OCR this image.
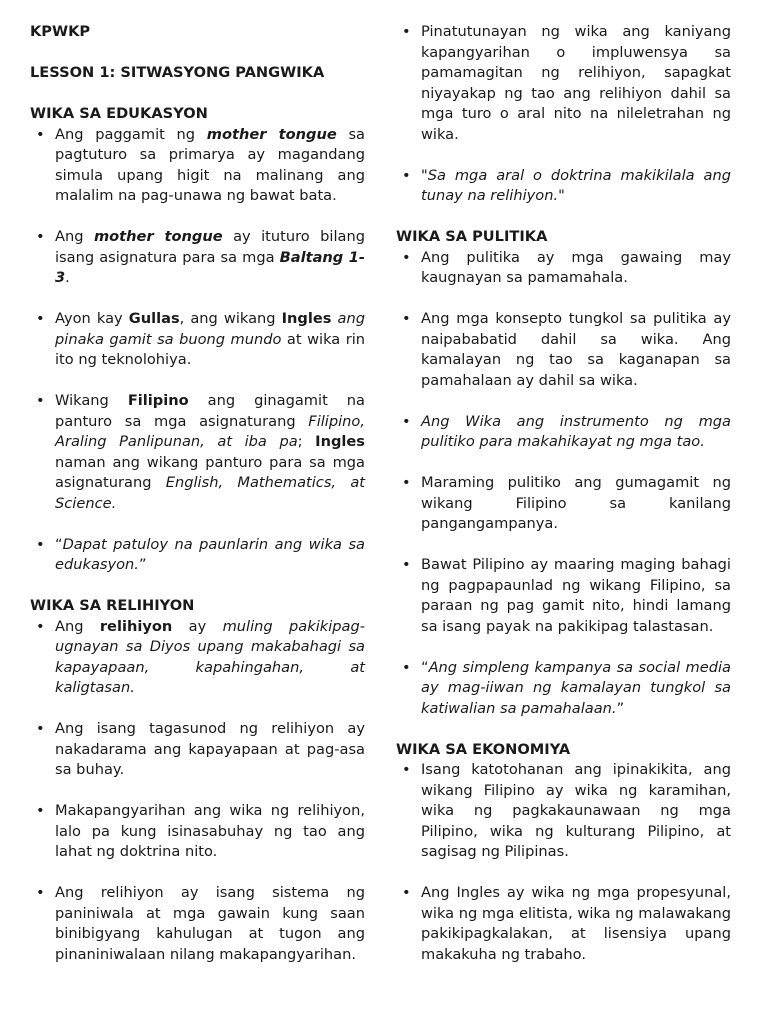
KPWKP

LESSON 1: SITWASYONG PANGWIKA

WIKA SA EDUKASYON

• Ang paggamit ng mother tongue sa pagtuturo sa primarya ay magandang simula upang higit na malinang ang malalim na pag-unawa ng bawat bata.
• Ang mother tongue ay ituturo bilang isang asignatura para sa mga Baltang 1-3.
• Ayon kay Gullas, ang wikang Ingles ang pinaka gamit sa buong mundo at wika rin ito ng teknolohiya.
• Wikang Filipino ang ginagamit na panturo sa mga asignaturang Filipino, Araling Panlipunan, at iba pa; Ingles naman ang wikang panturo para sa mga asignaturang English, Mathematics, at Science.
• “Dapat patuloy na paunlarin ang wika sa edukasyon.”

WIKA SA RELIHIYON

• Ang relihiyon ay muling pakikipag-ugnayan sa Diyos upang makabahagi sa kapayapaan, kapahingahan, at kaligtasan.
• Ang isang tagasunod ng relihiyon ay nakadarama ang kapayapaan at pag-asa sa buhay.
• Makapangyarihan ang wika ng relihiyon, lalo pa kung isinasabuhay ng tao ang lahat ng doktrina nito.
• Ang relihiyon ay isang sistema ng paniniwala at mga gawain kung saan binibigyang kahulugan at tugon ang pinaniniwalaan nilang makapangyarihan.
• Pinatutunayan ng wika ang kaniyang kapangyarihan o impluwensya sa pamamagitan ng relihiyon, sapagkat niyayakap ng tao ang relihiyon dahil sa mga turo o aral nito na nileletrahan ng wika.
• "Sa mga aral o doktrina makikilala ang tunay na relihiyon."

WIKA SA PULITIKA

• Ang pulitika ay mga gawaing may kaugnayan sa pamamahala.
• Ang mga konsepto tungkol sa pulitika ay naipababatid dahil sa wika. Ang kamalayan ng tao sa kaganapan sa pamahalaan ay dahil sa wika.
• Ang Wika ang instrumento ng mga pulitiko para makahikayat ng mga tao.
• Maraming pulitiko ang gumagamit ng wikang Filipino sa kanilang pangangampanya.
• Bawat Pilipino ay maaring maging bahagi ng pagpapaunlad ng wikang Filipino, sa paraan ng pag gamit nito, hindi lamang sa isang payak na pakikipag talastasan.
• “Ang simpleng kampanya sa social media ay mag-iiwan ng kamalayan tungkol sa katiwalian sa pamahalaan.”

WIKA SA EKONOMIYA

• Isang katotohanan ang ipinakikita, ang wikang Filipino ay wika ng karamihan, wika ng pagkakaunawaan ng mga Pilipino, wika ng kulturang Pilipino, at sagisag ng Pilipinas.
• Ang Ingles ay wika ng mga propesyunal, wika ng mga elitista, wika ng malawakang pakikipagkalakan, at lisensiya upang makakuha ng trabaho.
